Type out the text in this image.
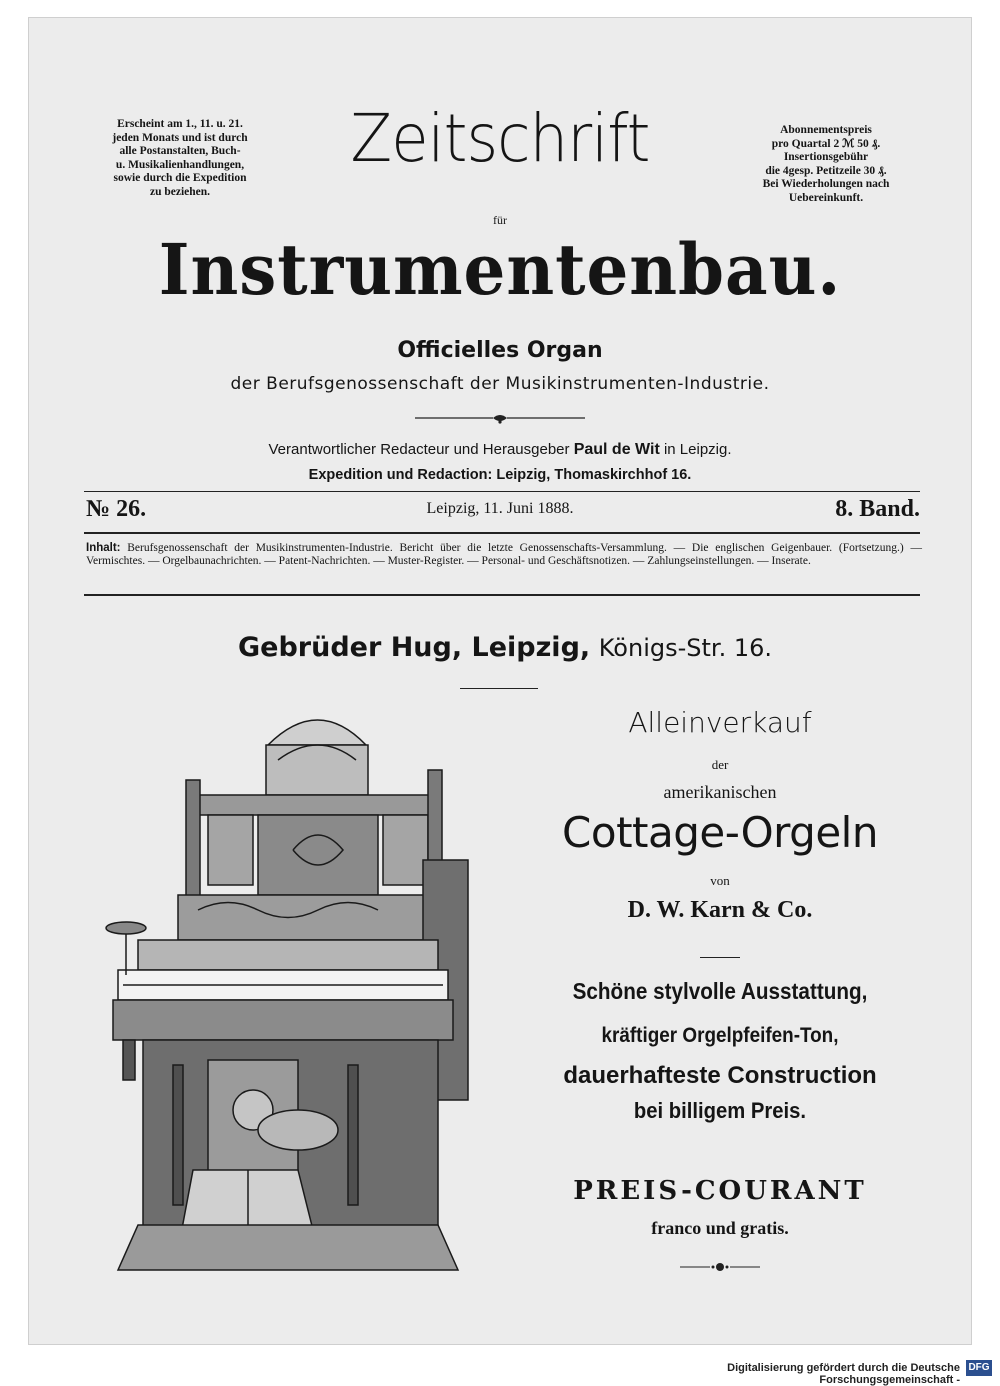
Erscheint am 1., 11. u. 21.
jeden Monats und ist durch
alle Postanstalten, Buch-
u. Musikalienhandlungen,
sowie durch die Expedition
zu beziehen.
Abonnementspreis
pro Quartal 2 ℳ 50 ₰.
Insertionsgebühr
die 4gesp. Petitzeile 30 ₰.
Bei Wiederholungen nach
Uebereinkunft.
Zeitschrift
für
Instrumentenbau.
Officielles Organ
der Berufsgenossenschaft der Musikinstrumenten-Industrie.
Verantwortlicher Redacteur und Herausgeber Paul de Wit in Leipzig.
Expedition und Redaction: Leipzig, Thomaskirchhof 16.
№ 26.	Leipzig, 11. Juni 1888.	8. Band.
Inhalt: Berufsgenossenschaft der Musikinstrumenten-Industrie. Bericht über die letzte Genossenschafts-Versammlung. — Die englischen Geigenbauer. (Fortsetzung.) — Vermischtes. — Orgelbaunachrichten. — Patent-Nachrichten. — Muster-Register. — Personal- und Geschäftsnotizen. — Zahlungseinstellungen. — Inserate.
Gebrüder Hug, Leipzig, Königs-Str. 16.
Alleinverkauf
der
amerikanischen
Cottage-Orgeln
von
D. W. Karn & Co.
Schöne stylvolle Ausstattung,
kräftiger Orgelpfeifen-Ton,
dauerhafteste Construction
bei billigem Preis.
PREIS-COURANT
franco und gratis.
Digitalisierung gefördert durch die Deutsche Forschungsgemeinschaft -
DFG
